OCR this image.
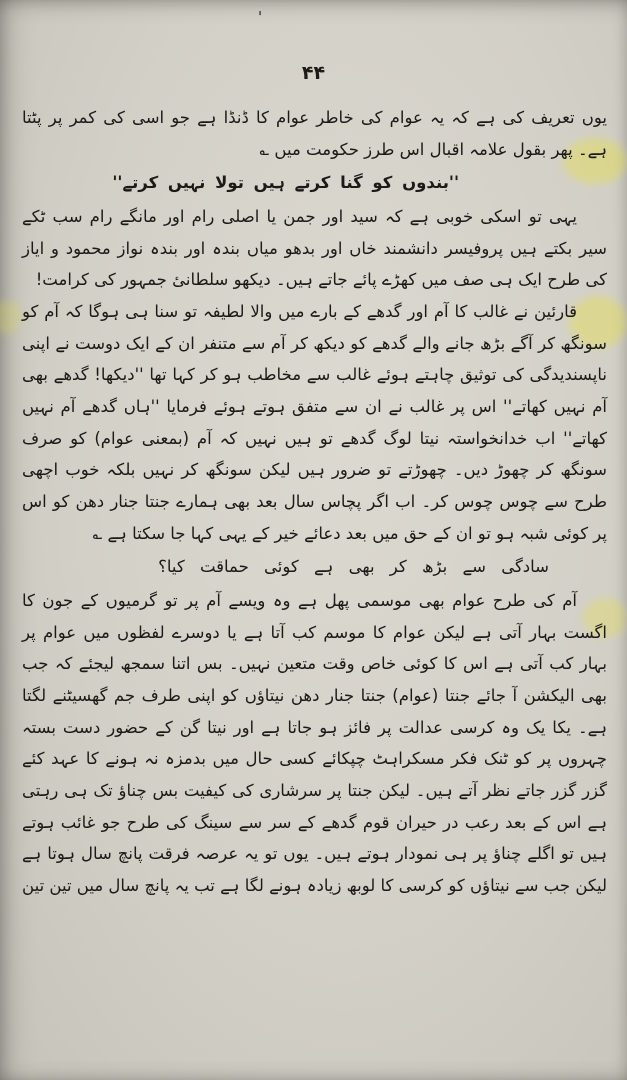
'
۴۴

یوں تعریف کی ہے کہ یہ عوام کی خاطر عوام کا ڈنڈا ہے جو اسی کی کمر پر پٹتا ہے۔ پھر بقول علامہ اقبال اس طرز حکومت میں ؎

''بندوں کو گنا کرتے ہیں تولا نہیں کرتے''

یہی تو اسکی خوبی ہے کہ سید اور جمن یا اصلی رام اور مانگے رام سب ٹکے سیر بکتے ہیں پروفیسر دانشمند خاں اور بدھو میاں بندہ اور بندہ نواز محمود و ایاز کی طرح ایک ہی صف میں کھڑے پائے جاتے ہیں۔ دیکھو سلطانیٔ جمہور کی کرامت!

قارئین نے غالب کا آم اور گدھے کے بارے میں والا لطیفہ تو سنا ہی ہوگا کہ آم کو سونگھ کر آگے بڑھ جانے والے گدھے کو دیکھ کر آم سے متنفر ان کے ایک دوست نے اپنی ناپسندیدگی کی توثیق چاہتے ہوئے غالب سے مخاطب ہو کر کہا تھا ''دیکھا! گدھے بھی آم نہیں کھاتے'' اس پر غالب نے ان سے متفق ہوتے ہوئے فرمایا ''ہاں گدھے آم نہیں کھاتے'' اب خدانخواستہ نیتا لوگ گدھے تو ہیں نہیں کہ آم (بمعنی عوام) کو صرف سونگھ کر چھوڑ دیں۔ چھوڑتے تو ضرور ہیں لیکن سونگھ کر نہیں بلکہ خوب اچھی طرح سے چوس چوس کر۔ اب اگر پچاس سال بعد بھی ہمارے جنتا جنار دھن کو اس پر کوئی شبہ ہو تو ان کے حق میں بعد دعائے خیر کے یہی کہا جا سکتا ہے ؎

سادگی سے بڑھ کر بھی ہے کوئی حماقت کیا؟

آم کی طرح عوام بھی موسمی پھل ہے وہ ویسے آم پر تو گرمیوں کے جون کا اگست بہار آتی ہے لیکن عوام کا موسم کب آتا ہے یا دوسرے لفظوں میں عوام پر بہار کب آتی ہے اس کا کوئی خاص وقت متعین نہیں۔ بس اتنا سمجھ لیجئے کہ جب بھی الیکشن آ جائے جنتا (عوام) جنتا جنار دھن نیتاؤں کو اپنی طرف جم گھسیٹنے لگتا ہے۔ یکا یک وہ کرسی عدالت پر فائز ہو جاتا ہے اور نیتا گن کے حضور دست بستہ چہروں پر کو ٹنک فکر مسکراہٹ چپکائے کسی حال میں بدمزہ نہ ہونے کا عہد کئے گزر گزر جاتے نظر آتے ہیں۔ لیکن جنتا پر سرشاری کی کیفیت بس چناؤ تک ہی رہتی ہے اس کے بعد رعب در حیران قوم گدھے کے سر سے سینگ کی طرح جو غائب ہوتے ہیں تو اگلے چناؤ پر ہی نمودار ہوتے ہیں۔ یوں تو یہ عرصہ فرقت پانچ سال ہوتا ہے لیکن جب سے نیتاؤں کو کرسی کا لوبھ زیادہ ہونے لگا ہے تب یہ پانچ سال میں تین تین
